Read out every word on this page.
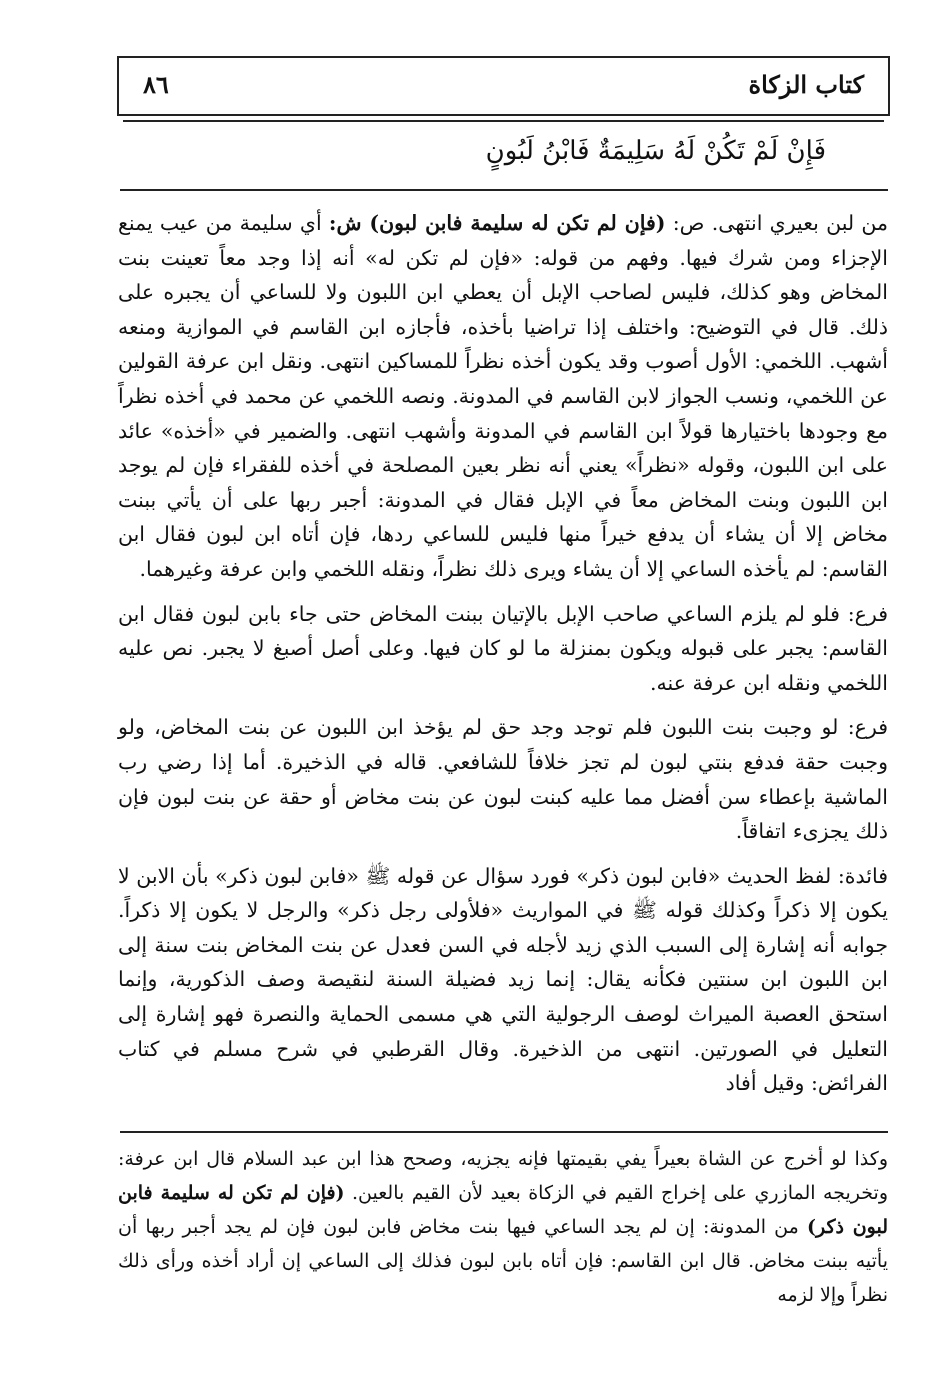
كتاب الزكاة
٨٦
فَإِنْ لَمْ تَكُنْ لَهُ سَلِيمَةٌ فَابْنُ لَبُونٍ

من لبن بعيري انتهى. ص: (فإن لم تكن له سليمة فابن لبون) ش: أي سليمة من عيب يمنع الإجزاء ومن شرك فيها. وفهم من قوله: «فإن لم تكن له» أنه إذا وجد معاً تعينت بنت المخاض وهو كذلك، فليس لصاحب الإبل أن يعطي ابن اللبون ولا للساعي أن يجبره على ذلك. قال في التوضيح: واختلف إذا تراضيا بأخذه، فأجازه ابن القاسم في الموازية ومنعه أشهب. اللخمي: الأول أصوب وقد يكون أخذه نظراً للمساكين انتهى. ونقل ابن عرفة القولين عن اللخمي، ونسب الجواز لابن القاسم في المدونة. ونصه اللخمي عن محمد في أخذه نظراً مع وجودها باختيارها قولاً ابن القاسم في المدونة وأشهب انتهى. والضمير في «أخذه» عائد على ابن اللبون، وقوله «نظراً» يعني أنه نظر بعين المصلحة في أخذه للفقراء فإن لم يوجد ابن اللبون وبنت المخاض معاً في الإبل فقال في المدونة: أجبر ربها على أن يأتي ببنت مخاض إلا أن يشاء أن يدفع خيراً منها فليس للساعي ردها، فإن أتاه ابن لبون فقال ابن القاسم: لم يأخذه الساعي إلا أن يشاء ويرى ذلك نظراً، ونقله اللخمي وابن عرفة وغيرهما.

فرع: فلو لم يلزم الساعي صاحب الإبل بالإتيان ببنت المخاض حتى جاء بابن لبون فقال ابن القاسم: يجبر على قبوله ويكون بمنزلة ما لو كان فيها. وعلى أصل أصبغ لا يجبر. نص عليه اللخمي ونقله ابن عرفة عنه.

فرع: لو وجبت بنت اللبون فلم توجد وجد حق لم يؤخذ ابن اللبون عن بنت المخاض، ولو وجبت حقة فدفع بنتي لبون لم تجز خلافاً للشافعي. قاله في الذخيرة. أما إذا رضي رب الماشية بإعطاء سن أفضل مما عليه كبنت لبون عن بنت مخاض أو حقة عن بنت لبون فإن ذلك يجزىء اتفاقاً.

فائدة: لفظ الحديث «فابن لبون ذكر» فورد سؤال عن قوله ﷺ «فابن لبون ذكر» بأن الابن لا يكون إلا ذكراً وكذلك قوله ﷺ في المواريث «فلأولى رجل ذكر» والرجل لا يكون إلا ذكراً. جوابه أنه إشارة إلى السبب الذي زيد لأجله في السن فعدل عن بنت المخاض بنت سنة إلى ابن اللبون ابن سنتين فكأنه يقال: إنما زيد فضيلة السنة لنقيصة وصف الذكورية، وإنما استحق العصبة الميراث لوصف الرجولية التي هي مسمى الحماية والنصرة فهو إشارة إلى التعليل في الصورتين. انتهى من الذخيرة. وقال القرطبي في شرح مسلم في كتاب الفرائض: وقيل أفاد

وكذا لو أخرج عن الشاة بعيراً يفي بقيمتها فإنه يجزيه، وصحح هذا ابن عبد السلام قال ابن عرفة: وتخريجه المازري على إخراج القيم في الزكاة بعيد لأن القيم بالعين. (فإن لم تكن له سليمة فابن لبون ذكر) من المدونة: إن لم يجد الساعي فيها بنت مخاض فابن لبون فإن لم يجد أجبر ربها أن يأتيه ببنت مخاض. قال ابن القاسم: فإن أتاه بابن لبون فذلك إلى الساعي إن أراد أخذه ورأى ذلك نظراً وإلا لزمه
